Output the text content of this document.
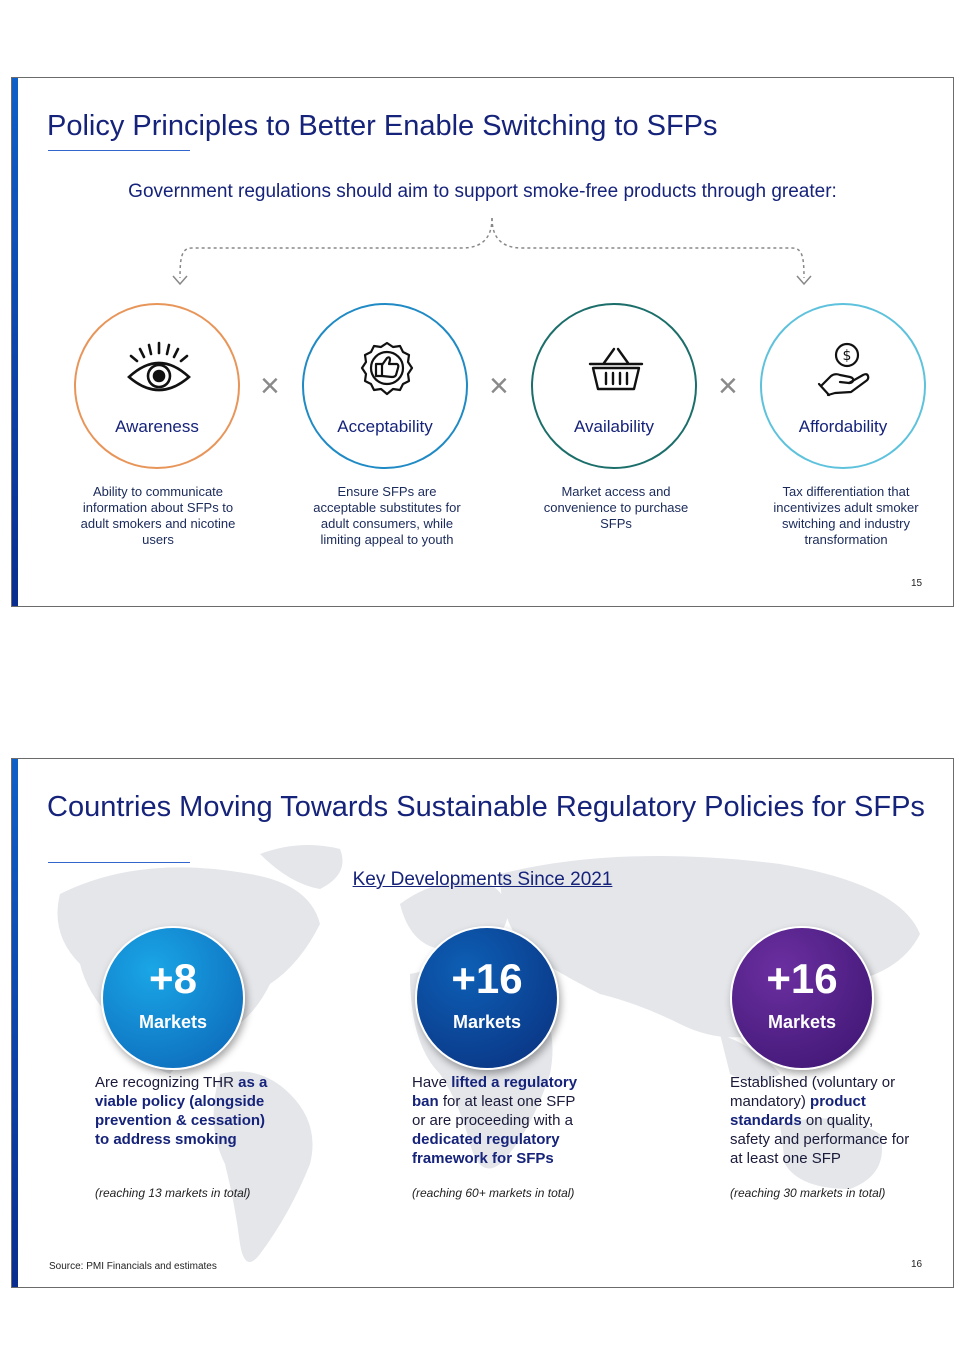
Policy Principles to Better Enable Switching to SFPs
Government regulations should aim to support smoke-free products through greater:
Awareness
×
Acceptability
×
Availability
×
$
Affordability
Ability to communicate information about SFPs to adult smokers and nicotine users
Ensure SFPs are acceptable substitutes for adult consumers, while limiting appeal to youth
Market access and convenience to purchase SFPs
Tax differentiation that incentivizes adult smoker switching and industry transformation
15
Countries Moving Towards Sustainable Regulatory Policies for SFPs
Key Developments Since 2021
+8
Markets
Are recognizing THR as a viable policy (alongside prevention & cessation) to address smoking
(reaching 13 markets in total)
+16
Markets
Have lifted a regulatory ban for at least one SFP or are proceeding with a dedicated regulatory framework for SFPs
(reaching 60+ markets in total)
+16
Markets
Established (voluntary or mandatory) product standards on quality, safety and performance for at least one SFP
(reaching 30 markets in total)
Source: PMI Financials and estimates	16
